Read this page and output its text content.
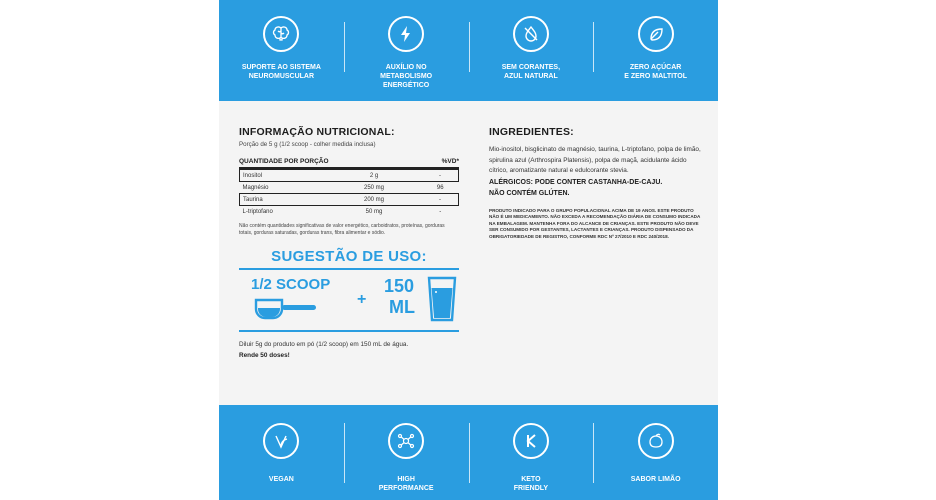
SUPORTE AO SISTEMA
NEUROMUSCULAR
AUXÍLIO NO
METABOLISMO
ENERGÉTICO
SEM CORANTES,
AZUL NATURAL
ZERO AÇÚCAR
E ZERO MALTITOL
INFORMAÇÃO NUTRICIONAL:
Porção de 5 g (1/2 scoop - colher medida inclusa)
QUANTIDADE POR PORÇÃO	%VD*
Inositol	2 g	-
Magnésio	250 mg	96
Taurina	200 mg	-
L-triptofano	50 mg	-
Não contém quantidades significativas de valor energético, carboidratos, proteínas, gorduras totais, gorduras saturadas, gorduras trans, fibra alimentar e sódio.
SUGESTÃO DE USO:
1/2 SCOOP
+
150
ML
Diluir 5g do produto em pó (1/2 scoop) em 150 mL de água.
Rende 50 doses!
INGREDIENTES:
Mio-inositol, bisglicinato de magnésio, taurina, L-triptofano, polpa de limão, spirulina azul (Arthrospira Platensis), polpa de maçã, acidulante ácido cítrico, aromatizante natural e edulcorante stevia.
ALÉRGICOS: PODE CONTER CASTANHA-DE-CAJU.
NÃO CONTÉM GLÚTEN.
PRODUTO INDICADO PARA O GRUPO POPULACIONAL ACIMA DE 19 ANOS. ESTE PRODUTO NÃO É UM MEDICAMENTO. NÃO EXCEDA A RECOMENDAÇÃO DIÁRIA DE CONSUMO INDICADA NA EMBALAGEM. MANTENHA FORA DO ALCANCE DE CRIANÇAS. ESTE PRODUTO NÃO DEVE SER CONSUMIDO POR GESTANTES, LACTANTES E CRIANÇAS. PRODUTO DISPENSADO DA OBRIGATORIEDADE DE REGISTRO, CONFORME RDC Nº 27/2010 E RDC 240/2018.
VEGAN	HIGH
PERFORMANCE
KETO
FRIENDLY
SABOR LIMÃO
